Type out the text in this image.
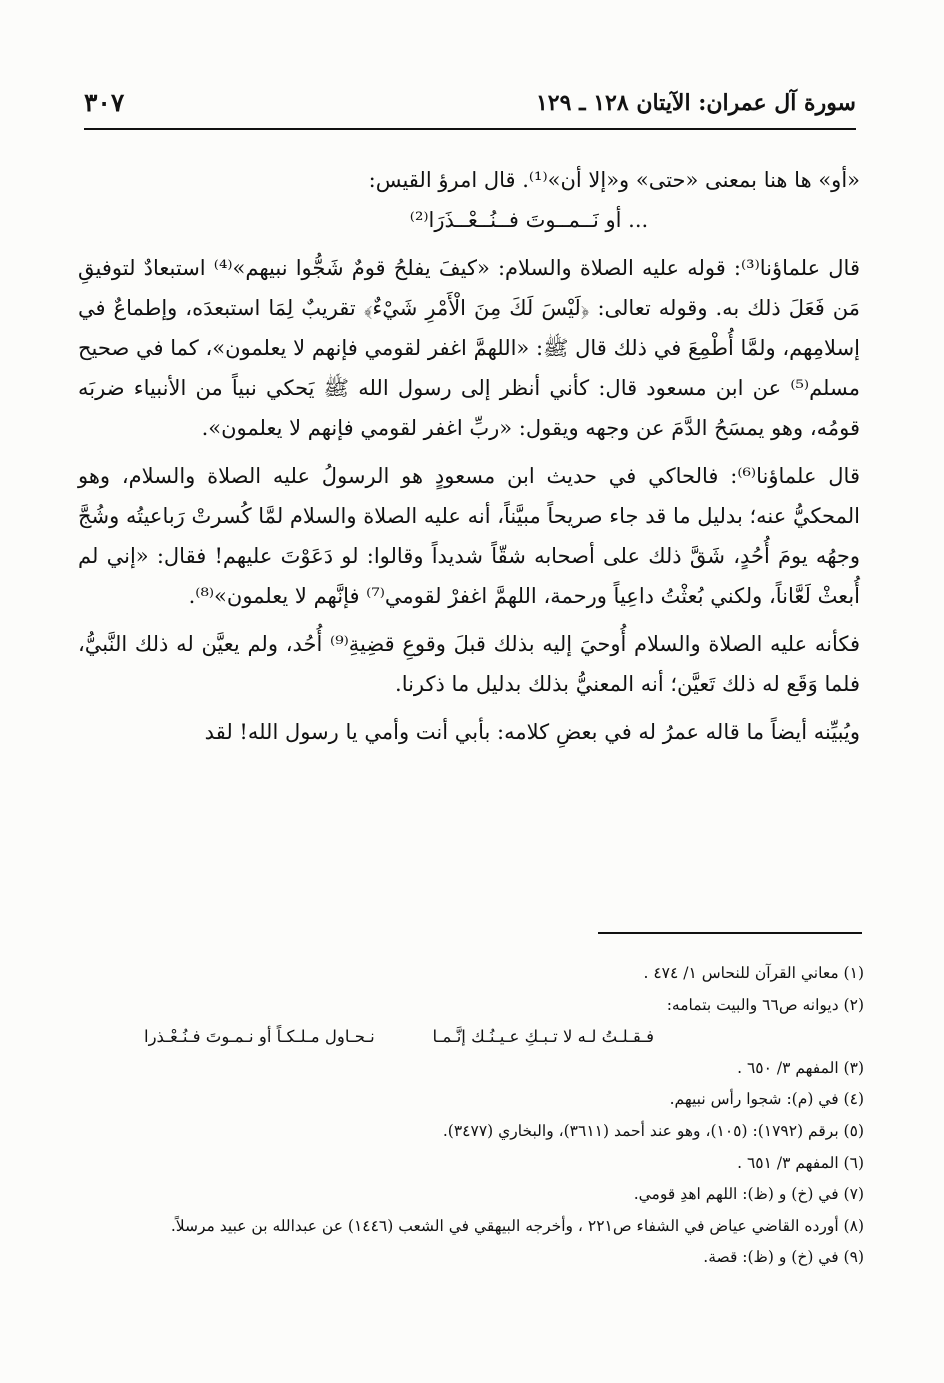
سورة آل عمران: الآيتان ١٢٨ ـ ١٢٩
٣٠٧

«أو» ها هنا بمعنى «حتى» و«إلا أن»⁽¹⁾. قال امرؤ القيس:

... أو نَــمــوتَ فــنُــعْــذَرَا⁽²⁾

قال علماؤنا⁽³⁾: قوله عليه الصلاة والسلام: «كيفَ يفلحُ قومٌ شَجُّوا نبيهم»⁽⁴⁾ استبعادٌ لتوفيقِ مَن فَعَلَ ذلك به. وقوله تعالى: ﴿لَيْسَ لَكَ مِنَ الْأَمْرِ شَيْءٌ﴾ تقريبٌ لِمَا استبعدَه، وإطماعٌ في إسلامِهم، ولمَّا أُطْمِعَ في ذلك قال ﷺ: «اللهمَّ اغفر لقومي فإنهم لا يعلمون»، كما في صحيح مسلم⁽⁵⁾ عن ابن مسعود قال: كأني أنظر إلى رسول الله ﷺ يَحكي نبياً من الأنبياء ضربَه قومُه، وهو يمسَحُ الدَّمَ عن وجهه ويقول: «ربِّ اغفر لقومي فإنهم لا يعلمون».

قال علماؤنا⁽⁶⁾: فالحاكي في حديث ابن مسعودٍ هو الرسولُ عليه الصلاة والسلام، وهو المحكيُّ عنه؛ بدليل ما قد جاء صريحاً مبيَّناً، أنه عليه الصلاة والسلام لمَّا كُسرتْ رَباعيتُه وشُجَّ وجهُه يومَ أُحُدٍ، شَقَّ ذلك على أصحابه شقّاً شديداً وقالوا: لو دَعَوْتَ عليهم! فقال: «إني لم أُبعثْ لَعَّاناً، ولكني بُعثْتُ داعِياً ورحمة، اللهمَّ اغفرْ لقومي⁽⁷⁾ فإنَّهم لا يعلمون»⁽⁸⁾.

فكأنه عليه الصلاة والسلام أُوحيَ إليه بذلك قبلَ وقوعِ قضِيةِ⁽⁹⁾ أُحُد، ولم يعيَّن له ذلك النَّبيُّ، فلما وَقَع له ذلك تَعيَّن؛ أنه المعنيُّ بذلك بدليل ما ذكرنا.

ويُبيِّنه أيضاً ما قاله عمرُ له في بعضِ كلامه: بأبي أنت وأمي يا رسول الله! لقد

(١) معاني القرآن للنحاس ١/ ٤٧٤ .
(٢) ديوانه ص٦٦ والبيت بتمامه:
فـقـلـتُ لـه لا تـبـكِ عـيـنُـك إنَّـمـا
نـحـاول مـلـكـاً أو نـمـوتَ فـنُـعْـذرا
(٣) المفهم ٣/ ٦٥٠ .
(٤) في (م): شجوا رأس نبيهم.
(٥) برقم (١٧٩٢): (١٠٥)، وهو عند أحمد (٣٦١١)، والبخاري (٣٤٧٧).
(٦) المفهم ٣/ ٦٥١ .
(٧) في (خ) و (ظ): اللهم اهدِ قومي.
(٨) أورده القاضي عياض في الشفاء ص٢٢١ ، وأخرجه البيهقي في الشعب (١٤٤٦) عن عبدالله بن عبيد مرسلاً.
(٩) في (خ) و (ظ): قصة.
